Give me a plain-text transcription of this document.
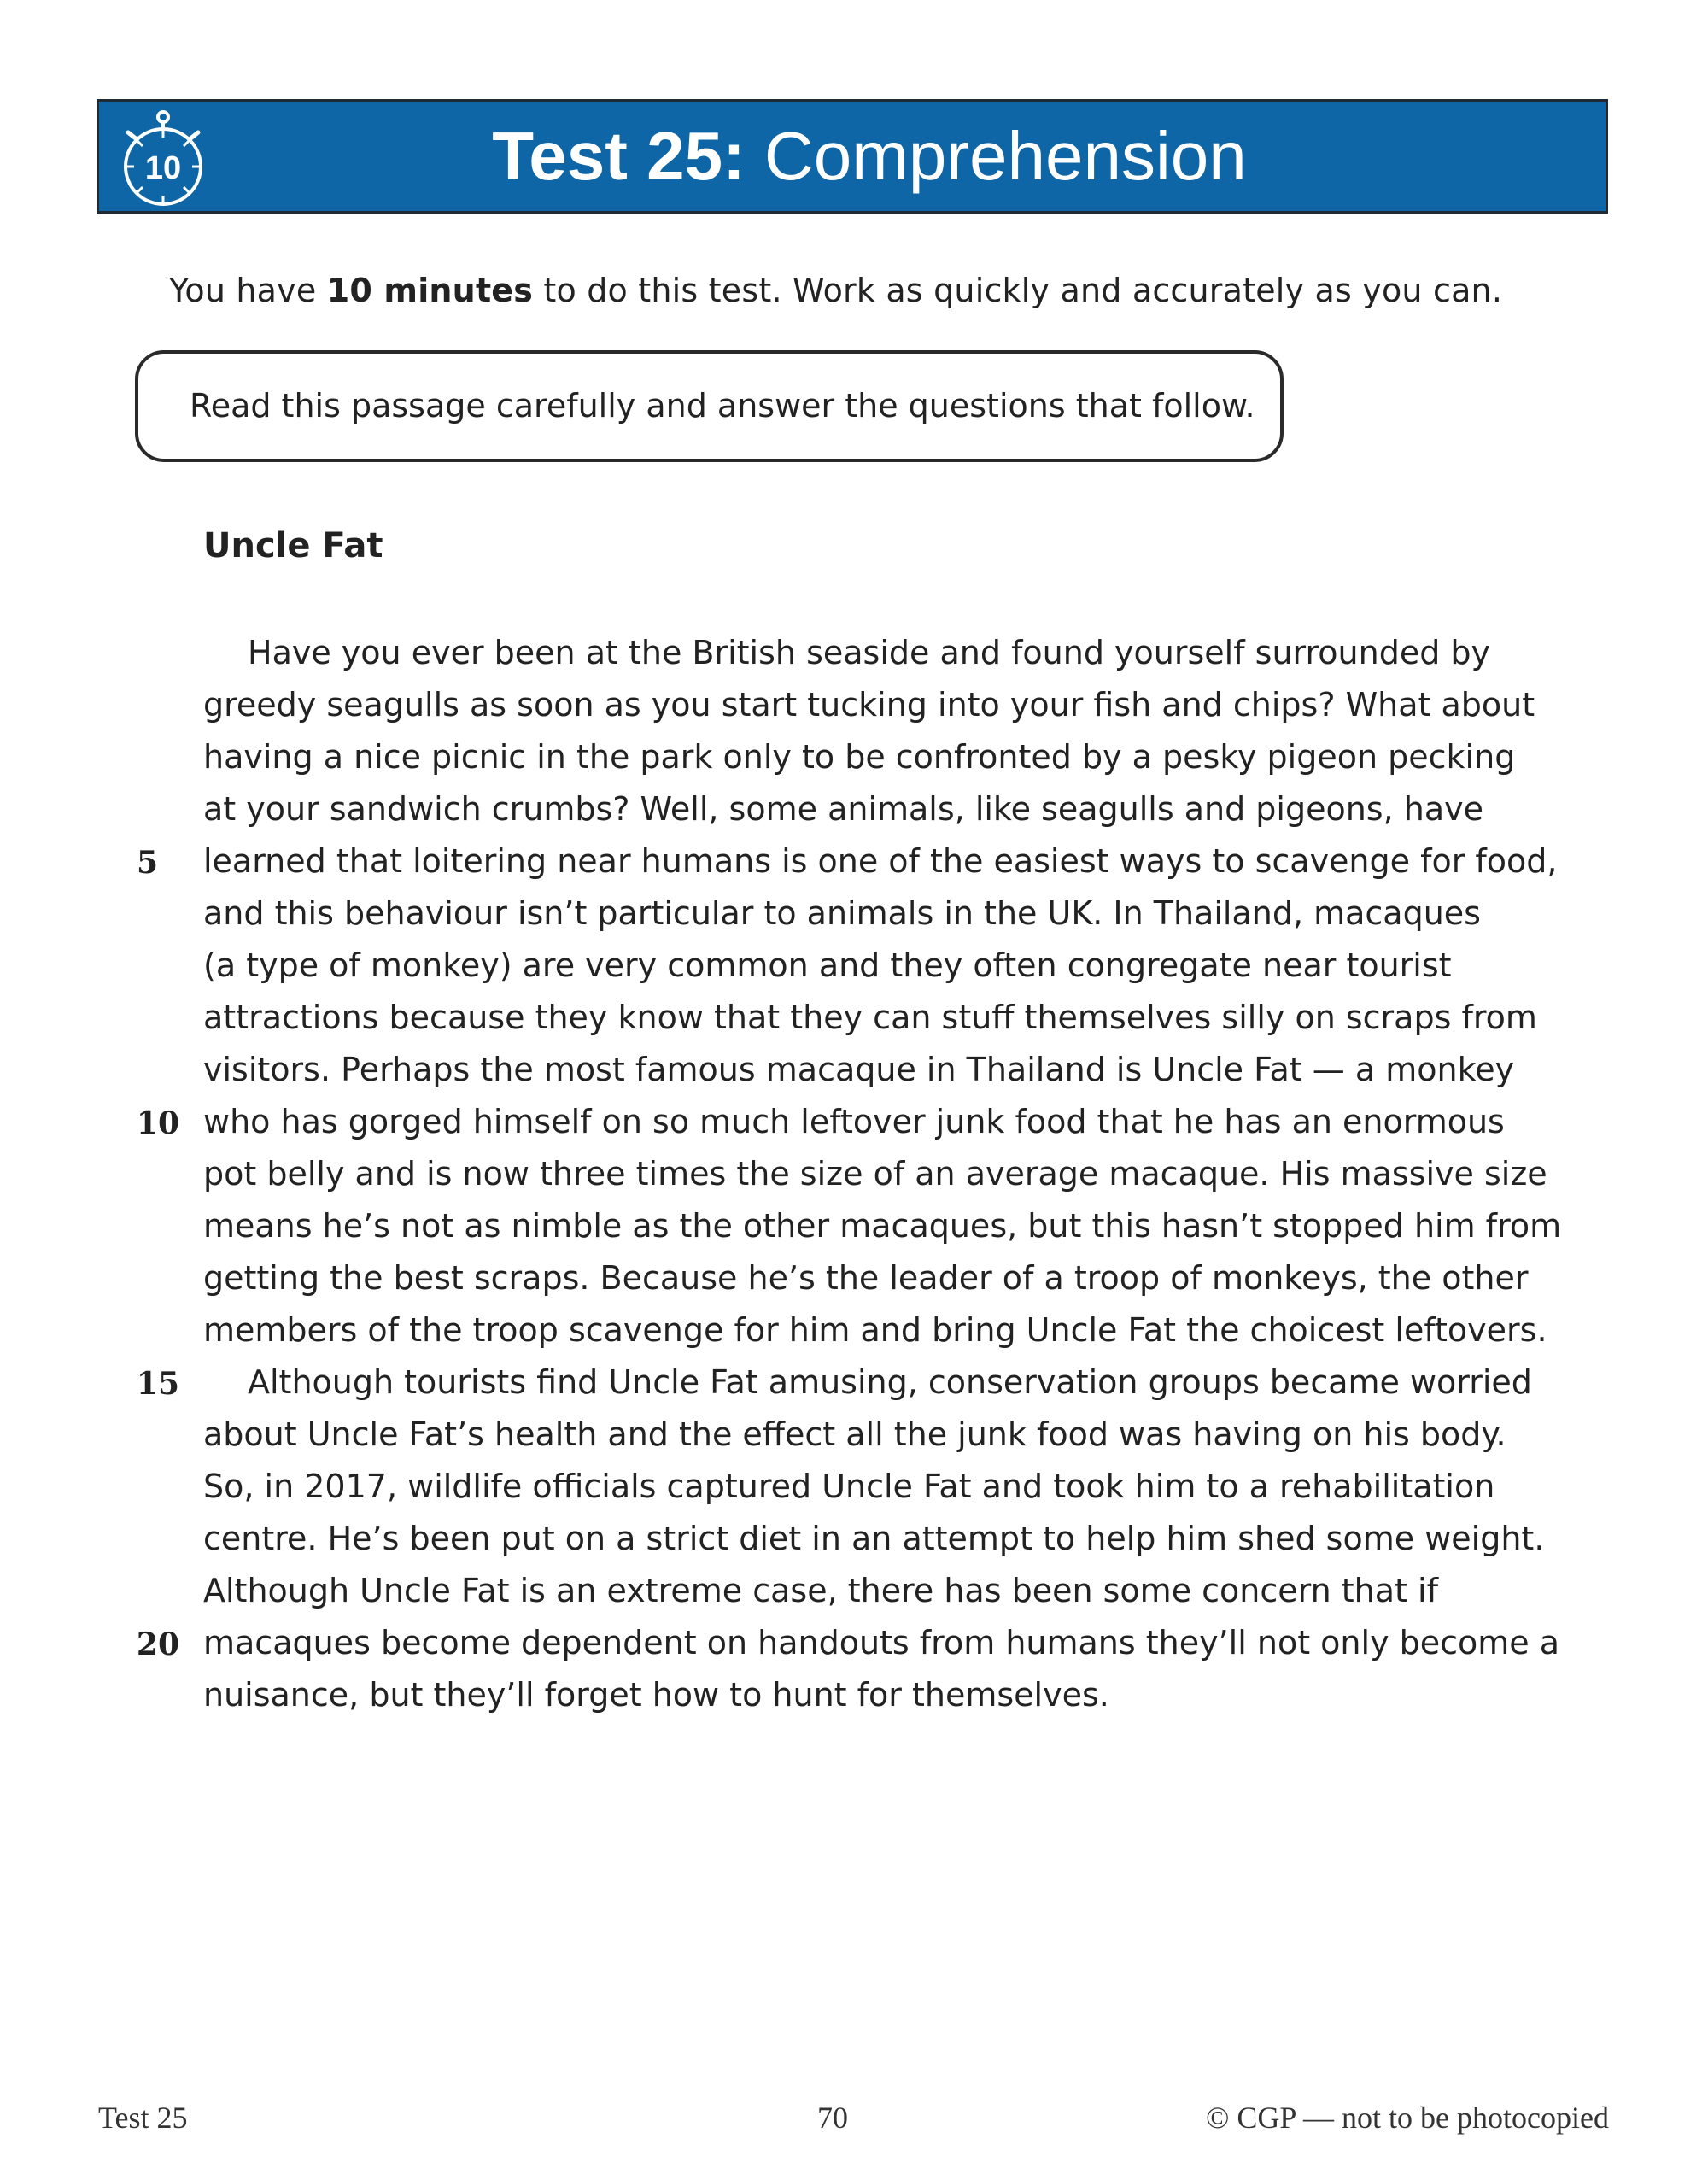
10	Test 25: Comprehension
You have 10 minutes to do this test. Work as quickly and accurately as you can.
Read this passage carefully and answer the questions that follow.
Uncle Fat
Have you ever been at the British seaside and found yourself surrounded by
greedy seagulls as soon as you start tucking into your fish and chips? What about
having a nice picnic in the park only to be confronted by a pesky pigeon pecking
at your sandwich crumbs? Well, some animals, like seagulls and pigeons, have
learned that loitering near humans is one of the easiest ways to scavenge for food,
and this behaviour isn’t particular to animals in the UK. In Thailand, macaques
(a type of monkey) are very common and they often congregate near tourist
attractions because they know that they can stuff themselves silly on scraps from
visitors. Perhaps the most famous macaque in Thailand is Uncle Fat — a monkey
who has gorged himself on so much leftover junk food that he has an enormous
pot belly and is now three times the size of an average macaque. His massive size
means he’s not as nimble as the other macaques, but this hasn’t stopped him from
getting the best scraps. Because he’s the leader of a troop of monkeys, the other
members of the troop scavenge for him and bring Uncle Fat the choicest leftovers.
Although tourists find Uncle Fat amusing, conservation groups became worried
about Uncle Fat’s health and the effect all the junk food was having on his body.
So, in 2017, wildlife officials captured Uncle Fat and took him to a rehabilitation
centre. He’s been put on a strict diet in an attempt to help him shed some weight.
Although Uncle Fat is an extreme case, there has been some concern that if
macaques become dependent on handouts from humans they’ll not only become a
nuisance, but they’ll forget how to hunt for themselves.
5
10
15
20
Test 25	70	© CGP — not to be photocopied
